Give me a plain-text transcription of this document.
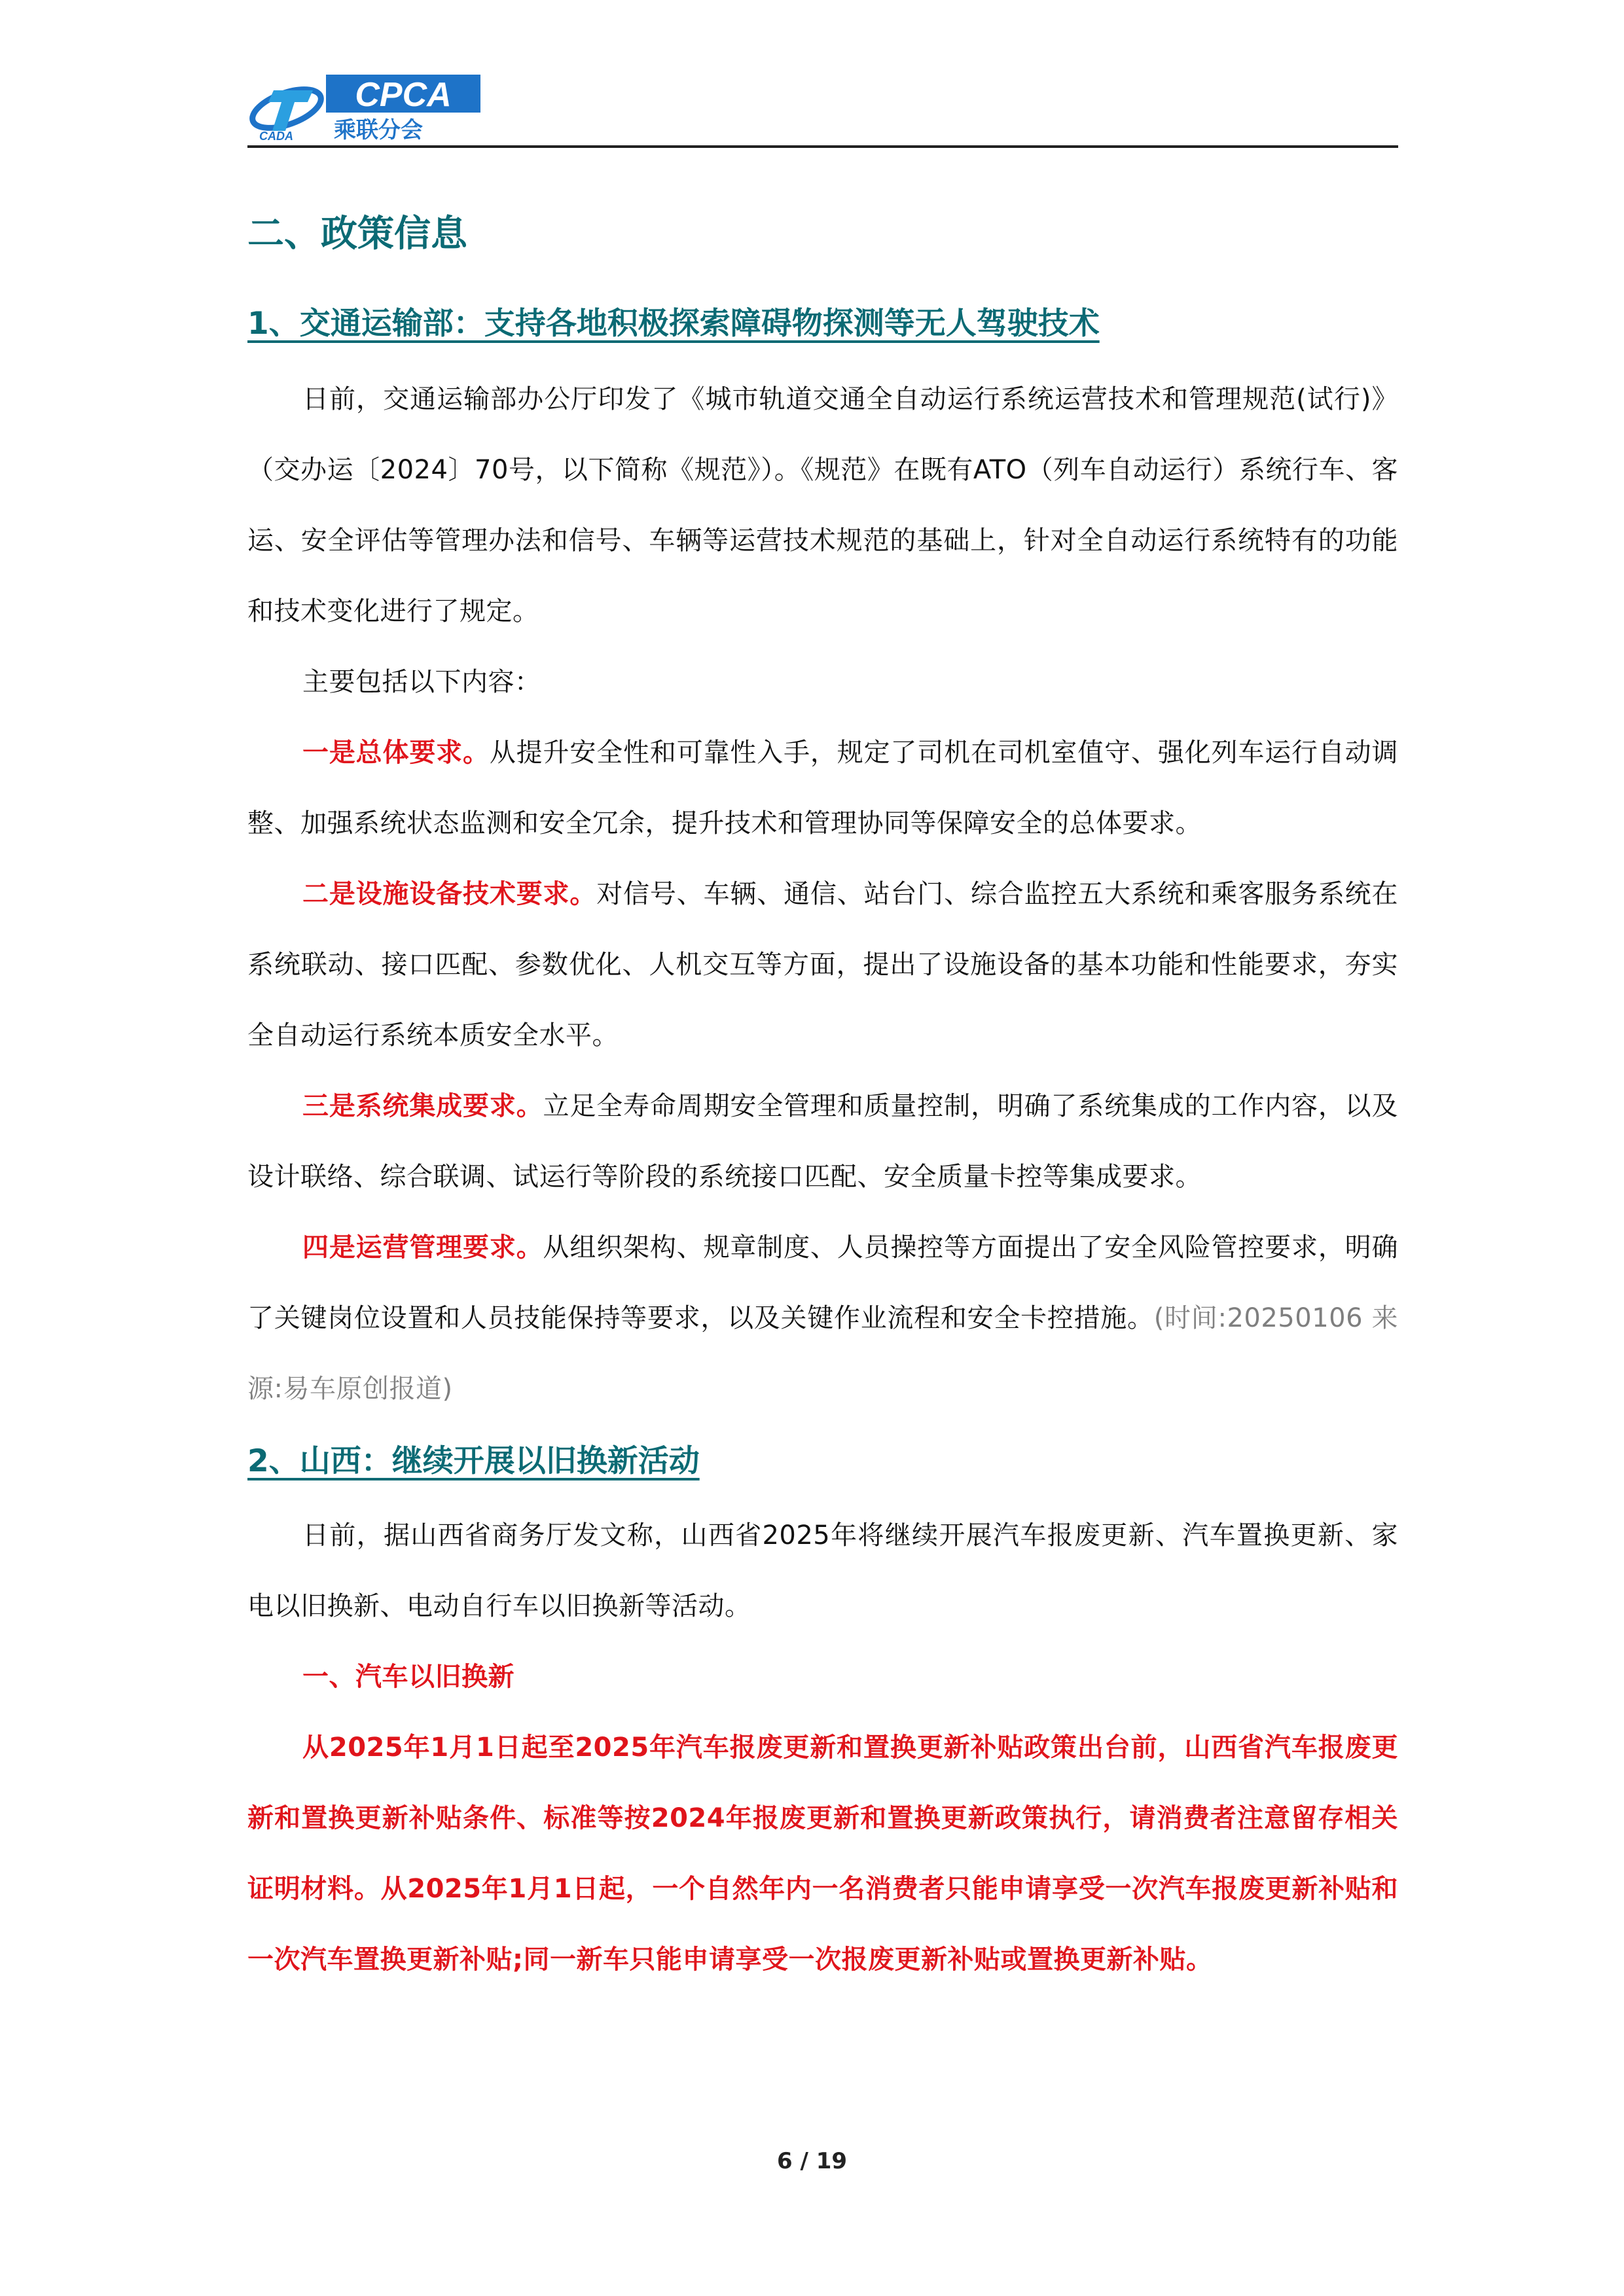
CPCA
乘联分会
CADA
二、政策信息
1、交通运输部：支持各地积极探索障碍物探测等无人驾驶技术

日前，交通运输部办公厅印发了《城市轨道交通全自动运行系统运营技术和管理规范(试行)》（交办运〔2024〕70号，以下简称《规范》）。《规范》在既有ATO（列车自动运行）系统行车、客运、安全评估等管理办法和信号、车辆等运营技术规范的基础上，针对全自动运行系统特有的功能和技术变化进行了规定。

主要包括以下内容：

一是总体要求。从提升安全性和可靠性入手，规定了司机在司机室值守、强化列车运行自动调整、加强系统状态监测和安全冗余，提升技术和管理协同等保障安全的总体要求。

二是设施设备技术要求。对信号、车辆、通信、站台门、综合监控五大系统和乘客服务系统在系统联动、接口匹配、参数优化、人机交互等方面，提出了设施设备的基本功能和性能要求，夯实全自动运行系统本质安全水平。

三是系统集成要求。立足全寿命周期安全管理和质量控制，明确了系统集成的工作内容，以及设计联络、综合联调、试运行等阶段的系统接口匹配、安全质量卡控等集成要求。

四是运营管理要求。从组织架构、规章制度、人员操控等方面提出了安全风险管控要求，明确了关键岗位设置和人员技能保持等要求，以及关键作业流程和安全卡控措施。(时间:20250106 来源:易车原创报道)

2、山西：继续开展以旧换新活动

日前，据山西省商务厅发文称，山西省2025年将继续开展汽车报废更新、汽车置换更新、家电以旧换新、电动自行车以旧换新等活动。

一、汽车以旧换新

从2025年1月1日起至2025年汽车报废更新和置换更新补贴政策出台前，山西省汽车报废更新和置换更新补贴条件、标准等按2024年报废更新和置换更新政策执行，请消费者注意留存相关证明材料。从2025年1月1日起，一个自然年内一名消费者只能申请享受一次汽车报废更新补贴和一次汽车置换更新补贴;同一新车只能申请享受一次报废更新补贴或置换更新补贴。

6 / 19
